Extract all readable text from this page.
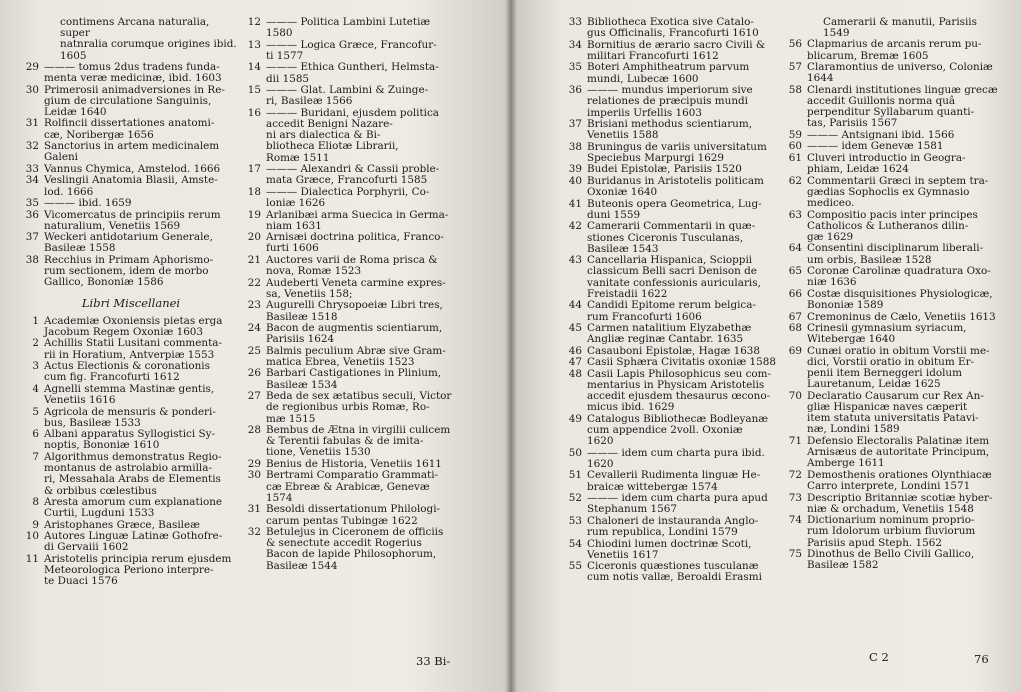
contimens Arcana naturalia, super
natnralia corumque origines ibid.
1605
29 ——— tomus 2dus tradens funda-
menta veræ medicinæ, ibid. 1603
30 Primerosii animadversiones in Re-
gium de circulatione Sanguinis,
Leidæ 1640
31 Rolfincii dissertationes anatomi-
cæ, Noribergæ 1656
32 Sanctorius in artem medicinalem
Galeni
33 Vannus Chymica, Amstelod. 1666
34 Veslingii Anatomia Blasii, Amste-
lod. 1666
35 ——— ibid. 1659
36 Vicomercatus de principiis rerum
naturalium, Venetiis 1569
37 Weckeri antidotarium Generale,
Basileæ 1558
38 Recchius in Primam Aphorismo-
rum sectionem, idem de morbo
Gallico, Bononiæ 1586
Libri Miscellanei
1 Academiæ Oxoniensis pietas erga
Jacobum Regem Oxoniæ 1603
2 Achillis Statii Lusitani commenta-
rii in Horatium, Antverpiæ 1553
3 Actus Electionis & coronationis
cum fig. Francofurti 1612
4 Agnelli stemma Mastinæ gentis,
Venetiis 1616
5 Agricola de mensuris & ponderi-
bus, Basileæ 1533
6 Albani apparatus Syllogistici Sy-
noptis, Bononiæ 1610
7 Algorithmus demonstratus Regio-
montanus de astrolabio armilla-
ri, Messahala Arabs de Elementis
& orbibus cœlestibus
8 Aresta amorum cum explanatione
Curtii, Lugduni 1533
9 Aristophanes Græce, Basileæ
10 Autores Linguæ Latinæ Gothofre-
di Gervaiii 1602
11 Aristotelis principia rerum ejusdem
Meteorologica Periono interpre-
te Duaci 1576
12 ——— Politica Lambini Lutetiæ
1580
13 ——— Logica Græce, Francofur-
ti 1577
14 ——— Ethica Guntheri, Helmsta-
dii 1585
15 ——— Glat. Lambini & Zuinge-
ri, Basileæ 1566
16 ——— Buridani, ejusdem politica
accedit Benigni Nazare-
ni ars dialectica & Bi-
bliotheca Eliotæ Librarii,
Romæ 1511
17 ——— Alexandri & Cassii proble-
mata Græce, Francofurti 1585
18 ——— Dialectica Porphyrii, Co-
loniæ 1626
19 Arlanibæi arma Suecica in Germa-
niam 1631
20 Arnisæi doctrina politica, Franco-
furti 1606
21 Auctores varii de Roma prisca &
nova, Romæ 1523
22 Audeberti Veneta carmine expres-
sa, Venetiis 158;
23 Augurelli Chrysopoeiæ Libri tres,
Basileæ 1518
24 Bacon de augmentis scientiarum,
Parisiis 1624
25 Balmis peculium Abræ sive Gram-
matica Ebrea, Venetiis 1523
26 Barbari Castigationes in Plinium,
Basileæ 1534
27 Beda de sex ætatibus seculi, Victor
de regionibus urbis Romæ, Ro-
mæ 1515
28 Bembus de Ætna in virgilii culicem
& Terentii fabulas & de imita-
tione, Venetiis 1530
29 Benius de Historia, Venetiis 1611
30 Bertrami Comparatio Grammati-
cæ Ebreæ & Arabicæ, Genevæ
1574
31 Besoldi dissertationum Philologi-
carum pentas Tubingæ 1622
32 Betulejus in Ciceronem de officiis
& senectute accedit Rogerius
Bacon de lapide Philosophorum,
Basileæ 1544
33 Bi-
33 Bibliotheca Exotica sive Catalo-
gus Officinalis, Francofurti 1610
34 Bornitius de ærario sacro Civili &
militari Francofurti 1612
35 Boteri Amphitheatrum parvum
mundi, Lubecæ 1600
36 ——— mundus imperiorum sive
relationes de præcipuis mundi
imperiis Urfellis 1603
37 Brisiani methodus scientiarum,
Venetiis 1588
38 Bruningus de variis universitatum
Speciebus Marpurgi 1629
39 Budei Epistolæ, Parisiis 1520
40 Buridanus in Aristotelis politicam
Oxoniæ 1640
41 Buteonis opera Geometrica, Lug-
duni 1559
42 Camerarii Commentarii in quæ-
stiones Ciceronis Tusculanas,
Basileæ 1543
43 Cancellaria Hispanica, Scioppii
classicum Belli sacri Denison de
vanitate confessionis auricularis,
Freistadii 1622
44 Candidi Epitome rerum belgica-
rum Francofurti 1606
45 Carmen natalitium Elyzabethæ
Angliæ reginæ Cantabr. 1635
46 Casauboni Epistolæ, Hagæ 1638
47 Casii Sphæra Civitatis oxoniæ 1588
48 Casii Lapis Philosophicus seu com-
mentarius in Physicam Aristotelis
accedit ejusdem thesaurus œcono-
micus ibid. 1629
49 Catalogus Bibliothecæ Bodleyanæ
cum appendice 2voll. Oxoniæ
1620
50 ——— idem cum charta pura ibid.
1620
51 Cevallerii Rudimenta linguæ He-
braicæ wittebergæ 1574
52 ——— idem cum charta pura apud
Stephanum 1567
53 Chaloneri de instauranda Anglo-
rum republica, Londini 1579
54 Chiodini lumen doctrinæ Scoti,
Venetiis 1617
55 Ciceronis quæstiones tusculanæ
cum notis vallæ, Beroaldi Erasmi
Camerarii & manutii, Parisiis
1549
56 Clapmarius de arcanis rerum pu-
blicarum, Bremæ 1605
57 Claramontius de universo, Coloniæ
1644
58 Clenardi institutiones linguæ grecæ
accedit Guillonis norma quâ
perpenditur Syllabarum quanti-
tas, Parisiis 1567
59 ——— Antsignani ibid. 1566
60 ——— idem Genevæ 1581
61 Cluveri introductio in Geogra-
phiam, Leidæ 1624
62 Commentarii Græci in septem tra-
gædias Sophoclis ex Gymnasio
mediceo.
63 Compositio pacis inter principes
Catholicos & Lutheranos dilin-
gæ 1629
64 Consentini disciplinarum liberali-
um orbis, Basileæ 1528
65 Coronæ Carolinæ quadratura Oxo-
niæ 1636
66 Costæ disquisitiones Physiologicæ,
Bononiæ 1589
67 Cremoninus de Cælo, Venetiis 1613
68 Crinesii gymnasium syriacum,
Witebergæ 1640
69 Cunæi oratio in obitum Vorstii me-
dici, Vorstii oratio in obitum Er-
penii item Berneggeri idolum
Lauretanum, Leidæ 1625
70 Declaratio Causarum cur Rex An-
gliæ Hispanicæ naves cæperit
item statuta universitatis Patavi-
næ, Londini 1589
71 Defensio Electoralis Palatinæ item
Arnisæus de autoritate Principum,
Amberge 1611
72 Demosthenis orationes Olynthiacæ
Carro interprete, Londini 1571
73 Descriptio Britanniæ scotiæ hyber-
niæ & orchadum, Venetiis 1548
74 Dictionarium nominum proprio-
rum Idolorum urbium fluviorum
Parisiis apud Steph. 1562
75 Dinothus de Bello Civili Gallico,
Basileæ 1582
C 2	76
